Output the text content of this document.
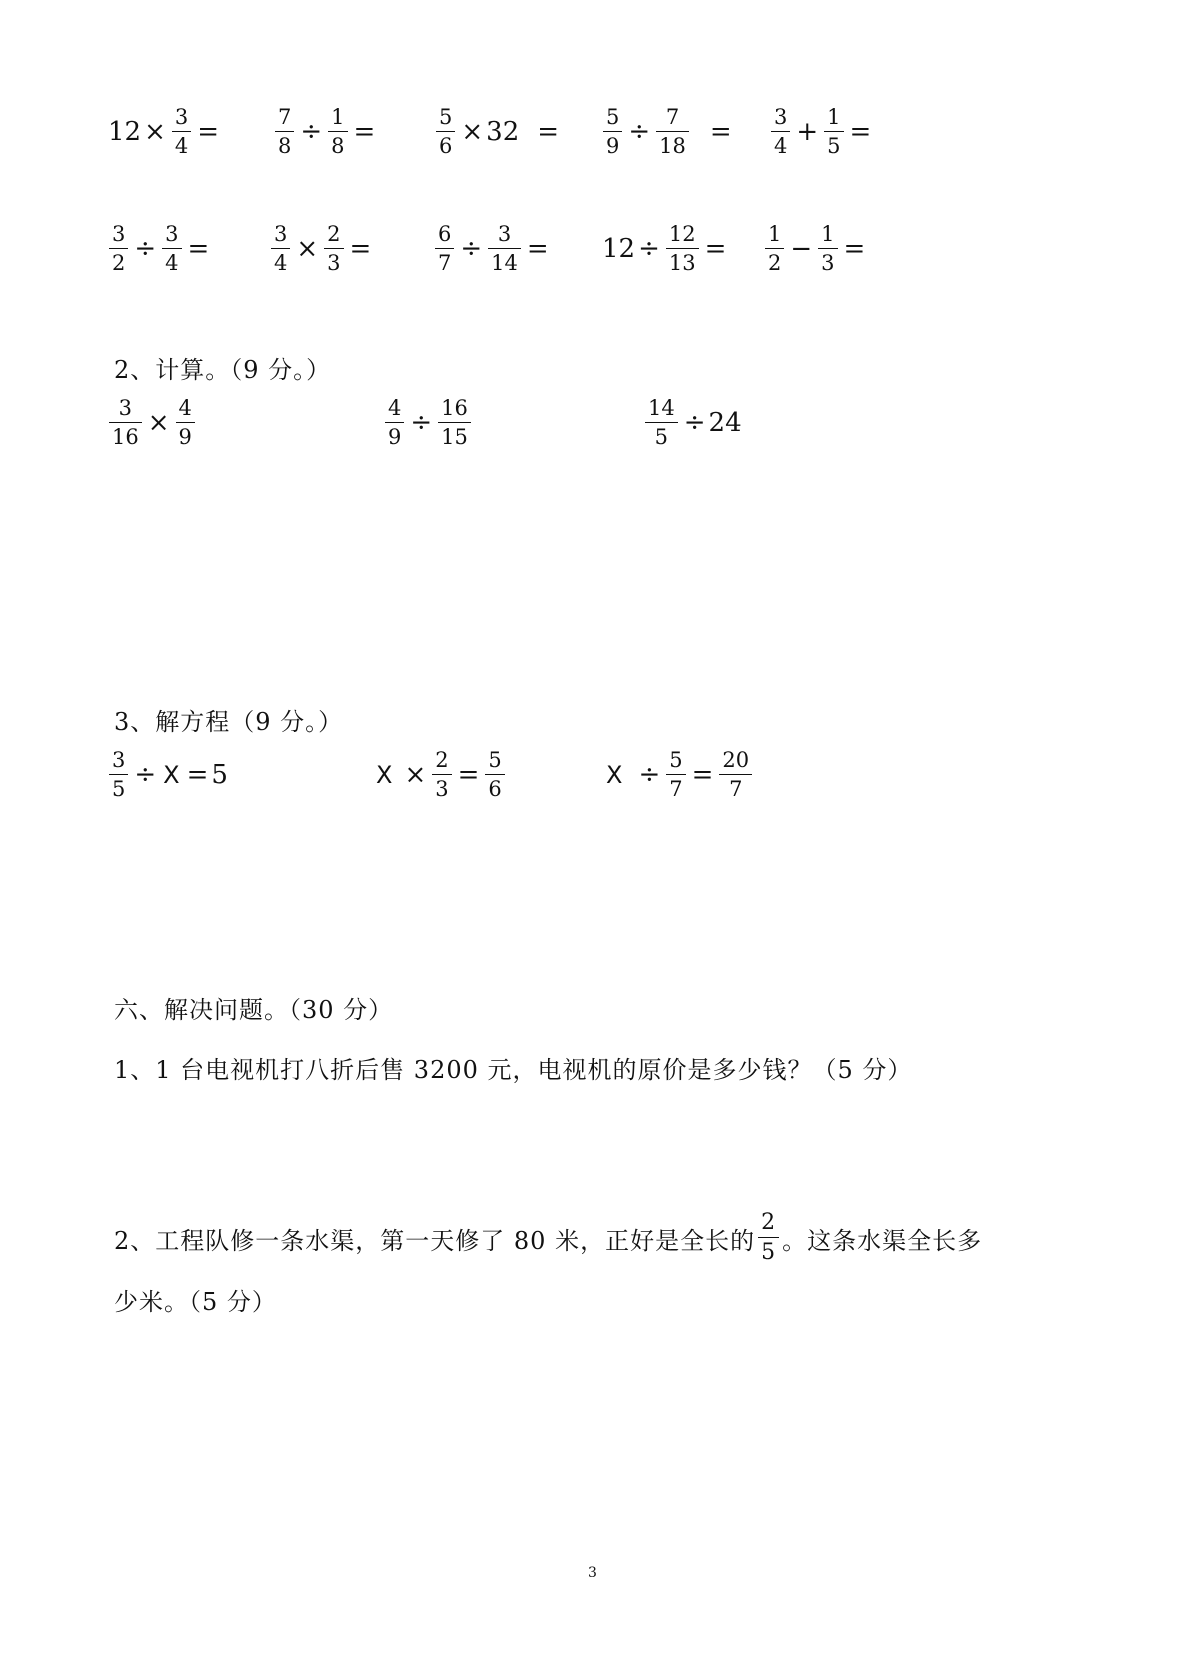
$12 \times \frac{3}{4}$ =	$\frac{7}{8} \div \frac{1}{8}$ =	$\frac{5}{6} \times 32 = \frac{5}{9} \div \frac{7}{18} = \frac{3}{4} + \frac{1}{5}$ =
$\frac{3}{2} \div \frac{3}{4}$ =	$\frac{3}{4} \times \frac{2}{3}$ =	$\frac{6}{7} \div \frac{3}{14} = 12 \div \frac{12}{13} = \frac{1}{2} - \frac{1}{3}$ =
2、计算。（9 分。）
$\frac{3}{16} \times \frac{4}{9}$	$\frac{4}{9} \div \frac{16}{15}$	$\frac{14}{5} \div 24$
3、解方程（9 分。）
$\frac{3}{5} \div X = 5$	$X \times \frac{2}{3} = \frac{5}{6}$	$X \div \frac{5}{7} = \frac{20}{7}$
六、解决问题。（30 分）
1、1 台电视机打八折后售 3200 元，电视机的原价是多少钱？（5 分）
2、工程队修一条水渠，第一天修了 80 米，正好是全长的 $\frac{2}{5}$ 。这条水渠全长多
少米。（5 分）
3
